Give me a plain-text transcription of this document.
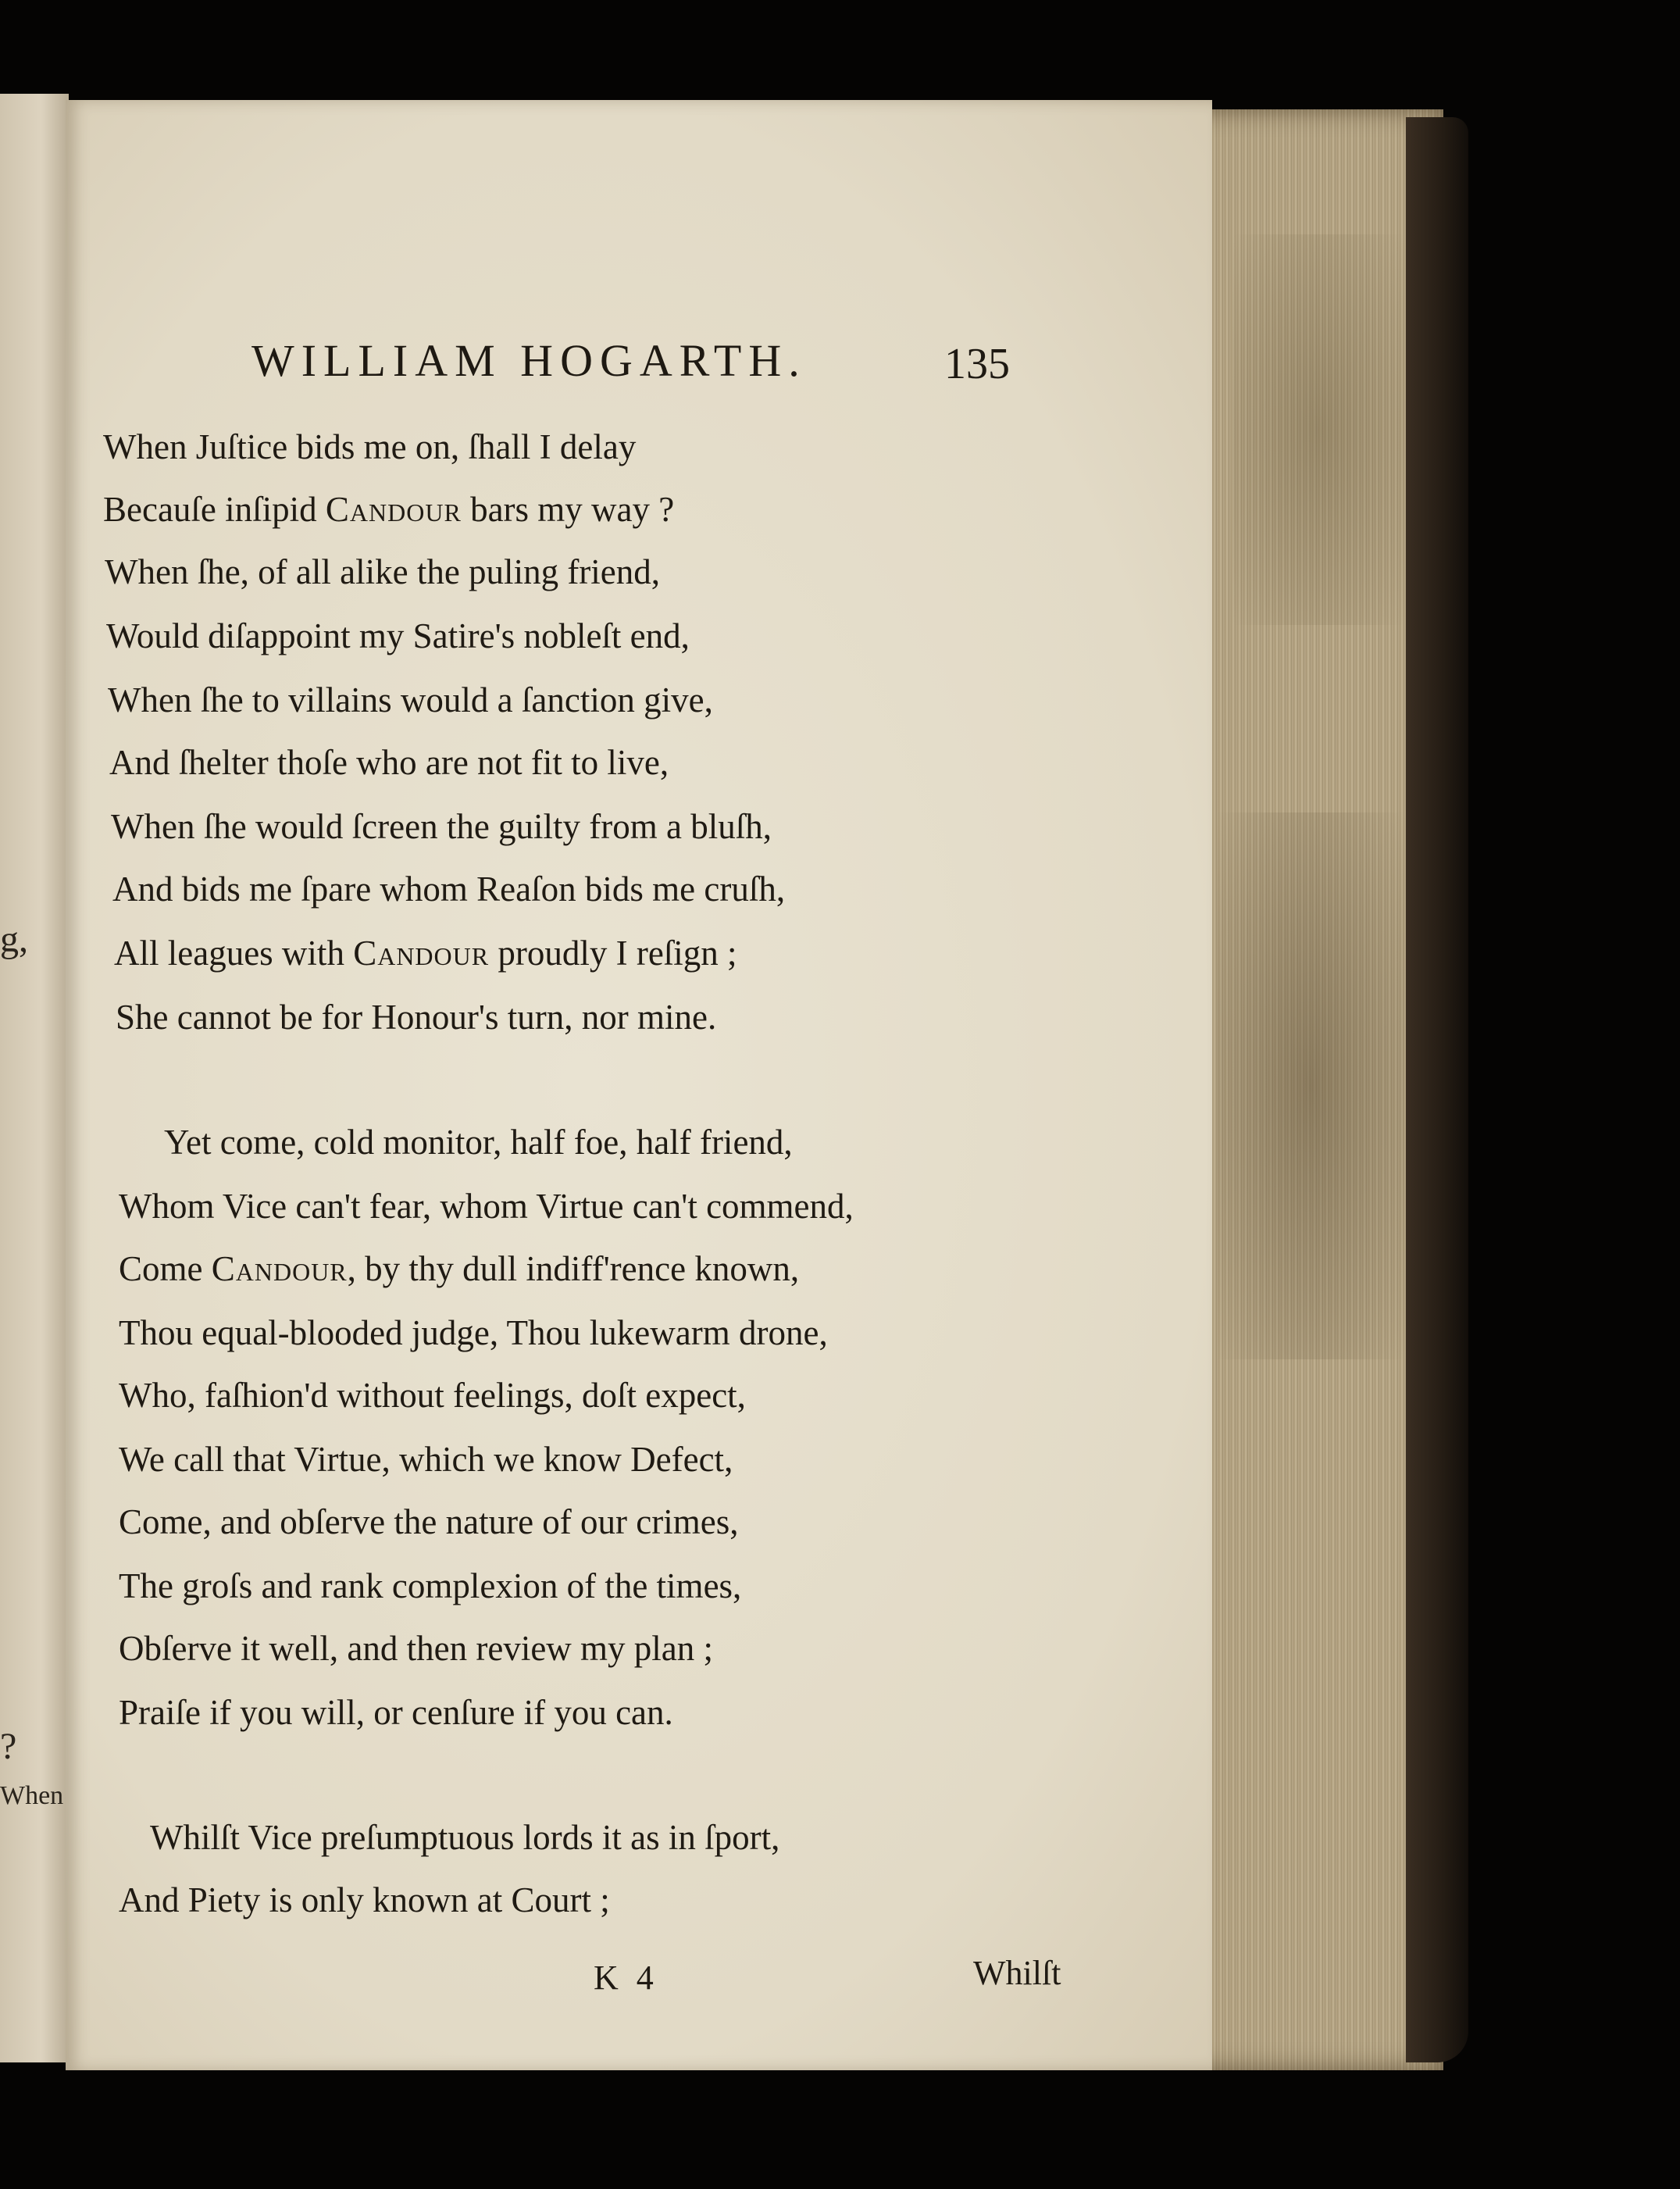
g,
?
When
WILLIAM HOGARTH.	135
When Juſtice bids me on, ſhall I delay
Becauſe inſipid Candour bars my way ?
When ſhe, of all alike the puling friend,
Would diſappoint my Satire's nobleſt end,
When ſhe to villains would a ſanction give,
And ſhelter thoſe who are not fit to live,
When ſhe would ſcreen the guilty from a bluſh,
And bids me ſpare whom Reaſon bids me cruſh,
All leagues with Candour proudly I reſign ;
She cannot be for Honour's turn, nor mine.
Yet come, cold monitor, half foe, half friend,
Whom Vice can't fear, whom Virtue can't commend,
Come Candour, by thy dull indiff'rence known,
Thou equal-blooded judge, Thou lukewarm drone,
Who, faſhion'd without feelings, doſt expect,
We call that Virtue, which we know Defect,
Come, and obſerve the nature of our crimes,
The groſs and rank complexion of the times,
Obſerve it well, and then review my plan ;
Praiſe if you will, or cenſure if you can.
Whilſt Vice preſumptuous lords it as in ſport,
And Piety is only known at Court ;
K 4	Whilſt
